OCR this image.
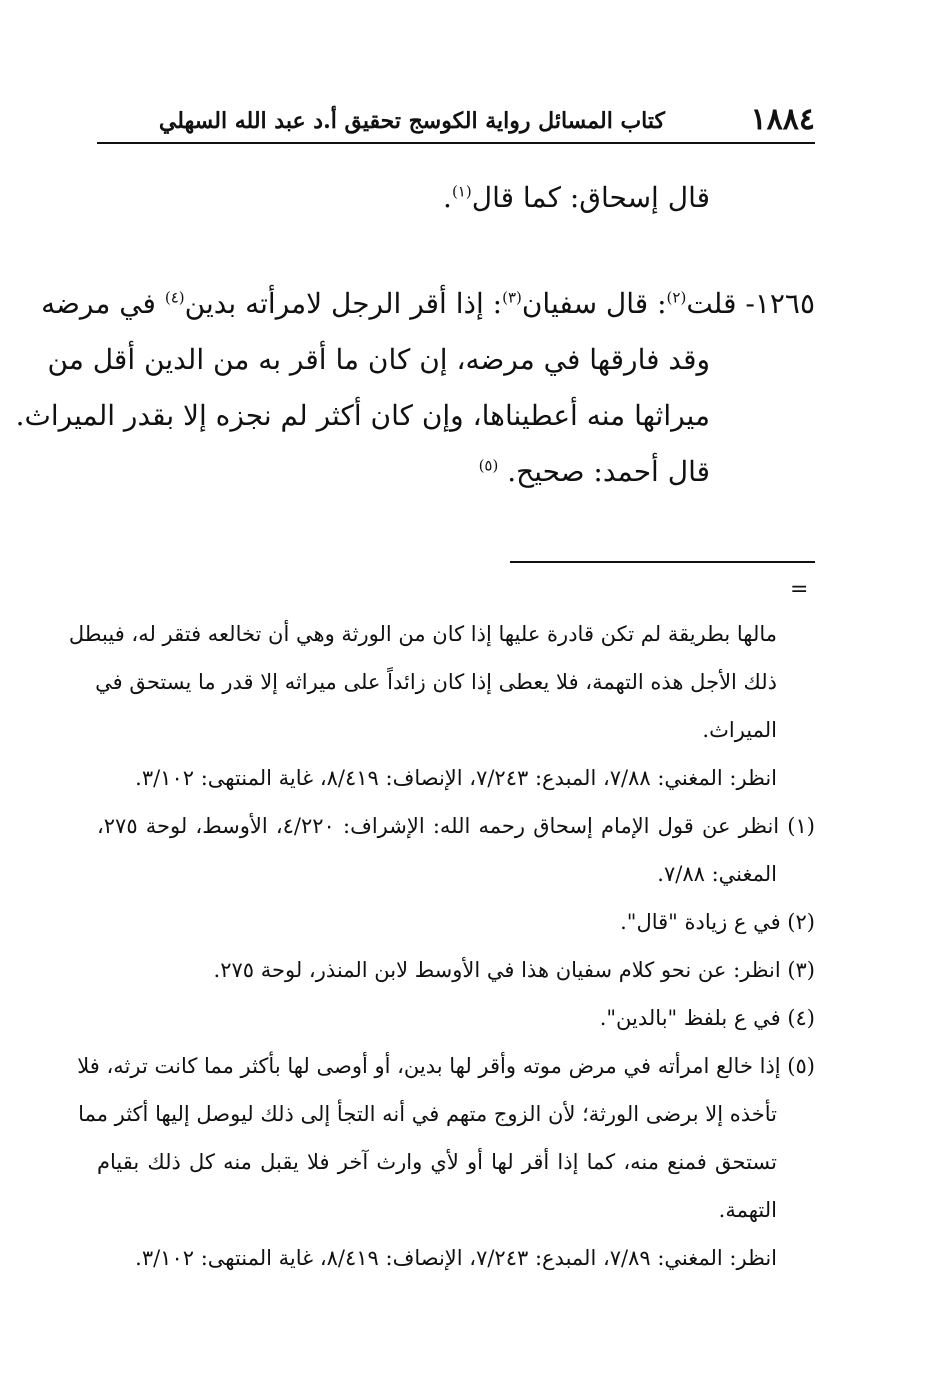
١٨٨٤
كتاب المسائل رواية الكوسج تحقيق أ.د عبد الله السهلي
قال إسحاق: كما قال$^{(١)}$.
١٢٦٥- قلت$^{(٢)}$: قال سفيان$^{(٣)}$: إذا أقر الرجل لامرأته بدين$^{(٤)}$ في مرضه
وقد فارقها في مرضه، إن كان ما أقر به من الدين أقل من
ميراثها منه أعطيناها، وإن كان أكثر لم نجزه إلا بقدر الميراث.
قال أحمد: صحيح. $^{(٥)}$
=
مالها بطريقة لم تكن قادرة عليها إذا كان من الورثة وهي أن تخالعه فتقر له، فيبطل
ذلك الأجل هذه التهمة، فلا يعطى إذا كان زائداً على ميراثه إلا قدر ما يستحق في
الميراث.
انظر: المغني: ٧/٨٨، المبدع: ٧/٢٤٣، الإنصاف: ٨/٤١٩، غاية المنتهى: ٣/١٠٢.
(١) انظر عن قول الإمام إسحاق رحمه الله: الإشراف: ٤/٢٢٠، الأوسط، لوحة ٢٧٥،
المغني: ٧/٨٨.
(٢) في ع زيادة "قال".
(٣) انظر: عن نحو كلام سفيان هذا في الأوسط لابن المنذر، لوحة ٢٧٥.
(٤) في ع بلفظ "بالدين".
(٥) إذا خالع امرأته في مرض موته وأقر لها بدين، أو أوصى لها بأكثر مما كانت ترثه، فلا
تأخذه إلا برضى الورثة؛ لأن الزوج متهم في أنه التجأ إلى ذلك ليوصل إليها أكثر مما
تستحق فمنع منه، كما إذا أقر لها أو لأي وارث آخر فلا يقبل منه كل ذلك بقيام
التهمة.
انظر: المغني: ٧/٨٩، المبدع: ٧/٢٤٣، الإنصاف: ٨/٤١٩، غاية المنتهى: ٣/١٠٢.
